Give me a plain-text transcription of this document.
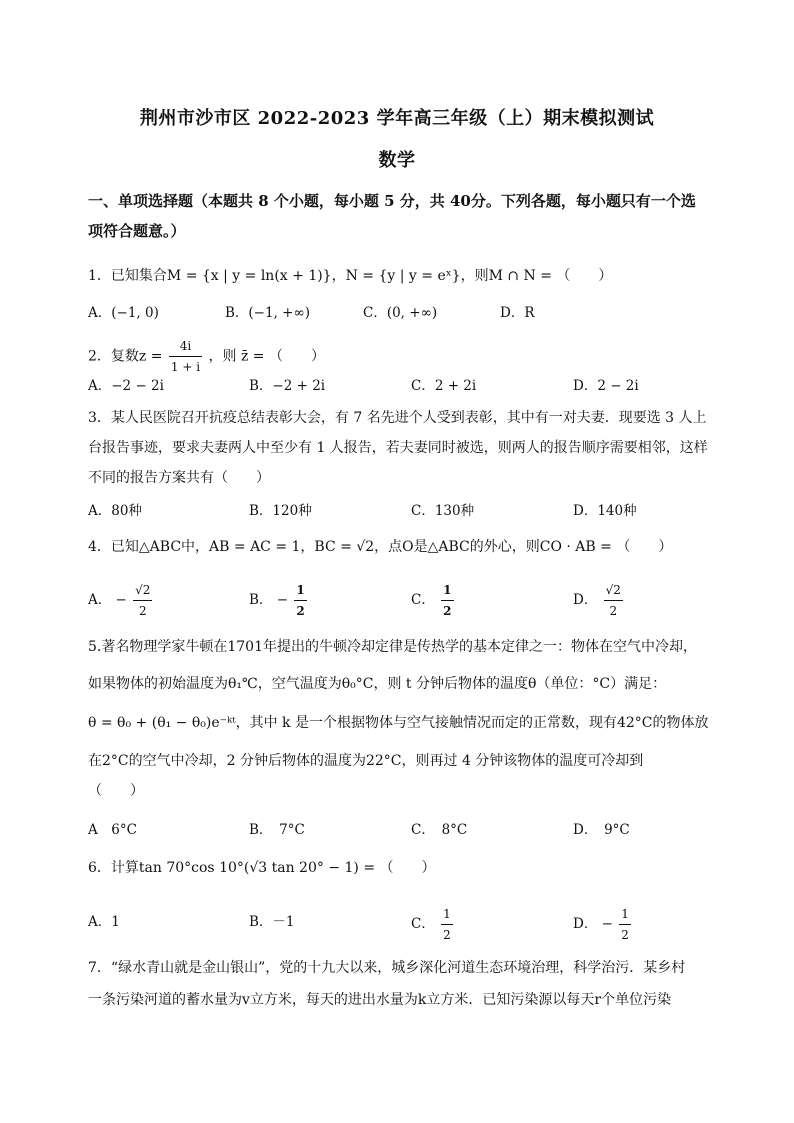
荆州市沙市区 2022-2023 学年高三年级（上）期末模拟测试
数学
一、单项选择题（本题共 8 个小题，每小题 5 分，共 40分。下列各题，每小题只有一个选项符合题意。）
1．已知集合M = {x | y = ln(x + 1)}，N = {y | y = eˣ}，则M ∩ N = （　　）
A．(−1, 0)	B．(−1, +∞)	C．(0, +∞)	D．R
2．复数$z = \frac{4i}{1 + i}$ ，则 z̄ = （　　）
A．−2 − 2i	B．−2 + 2i	C．2 + 2i	D．2 − 2i
3．某人民医院召开抗疫总结表彰大会，有 7 名先进个人受到表彰，其中有一对夫妻．现要选 3 人上台报告事迹，要求夫妻两人中至少有 1 人报告，若夫妻同时被选，则两人的报告顺序需要相邻，这样不同的报告方案共有（　　）
A．80种	B．120种	C．130种	D．140种
4．已知△ABC中，AB = AC = 1，BC = √2，点O是△ABC的外心，则CO · AB = （　　）
A． − $\frac{√2}{2}$	B． − $\frac{1}{2}$	C． $\frac{1}{2}$	D． $\frac{√2}{2}$
5.著名物理学家牛顿在1701年提出的牛顿冷却定律是传热学的基本定律之一：物体在空气中冷却，
如果物体的初始温度为θ₁℃，空气温度为θ₀°C，则 t 分钟后物体的温度θ（单位：°C）满足：
θ = θ₀ + (θ₁ − θ₀)e⁻ᵏᵗ，其中 k 是一个根据物体与空气接触情况而定的正常数，现有42°C的物体放
在2°C的空气中冷却，2 分钟后物体的温度为22°C，则再过 4 分钟该物体的温度可冷却到
（　　）
A　6°C	B．　7°C	C．　8°C	D．　9°C
6．计算tan 70°cos 10°(√3 tan 20° − 1) = （　　）
A．1	B．－1	C． $\frac{1}{2}$	D． − $\frac{1}{2}$
7．“绿水青山就是金山银山”，党的十九大以来，城乡深化河道生态环境治理，科学治污．某乡村
一条污染河道的蓄水量为v立方米，每天的进出水量为k立方米．已知污染源以每天r个单位污染
